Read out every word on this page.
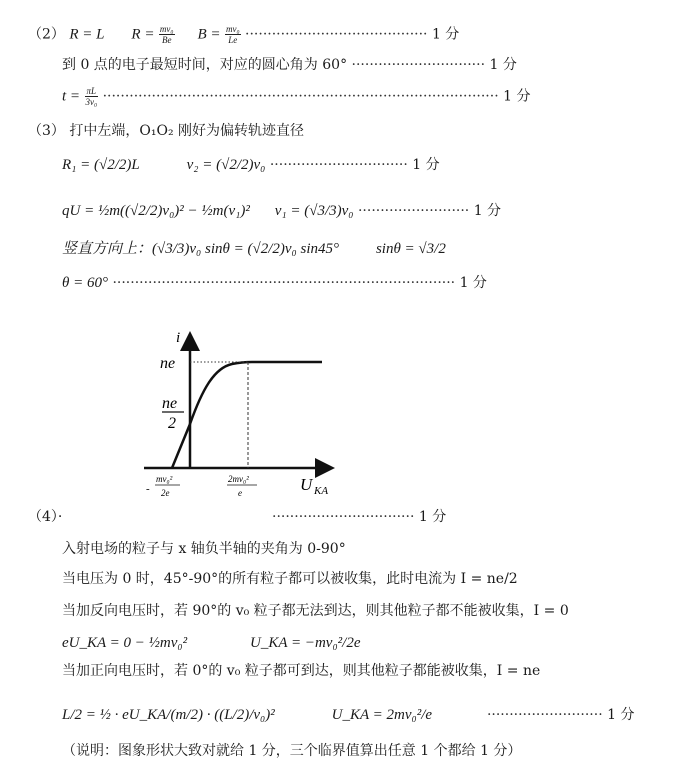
（2） R = L $R = \frac{\text{mv₀}}{Be}$ $B = \frac{\text{mv₀}}{Le}$ ········································· 1 分
到 0 点的电子最短时间，对应的圆心角为 60° ······························ 1 分
$t = \frac{\pi L}{\text{3v₀}}$ ························································································· 1 分
（3） 打中左端，O₁O₂ 刚好为偏转轨迹直径
R₁ = (√2/2)L	v₂ = (√2/2)v₀ ······························· 1 分
qU = ½m((√2/2)v₀)² − ½m(v₁)² v₁ = (√3/3)v₀ ························· 1 分
竖直方向上：(√3/3)v₀ sinθ = (√2/2)v₀ sin45° sinθ = √3/2
θ = 60° ············································································· 1 分
i
ne
ne
2
-
mv₀²
2e
2mv₀²
e	U KA
（4）·	································ 1 分
入射电场的粒子与 x 轴负半轴的夹角为 0-90°
当电压为 0 时，45°-90°的所有粒子都可以被收集，此时电流为 I = ne/2
当加反向电压时，若 90°的 v₀ 粒子都无法到达，则其他粒子都不能被收集，I = 0
eU_KA = 0 − ½mv₀²	U_KA = −mv₀²/2e
当加正向电压时，若 0°的 v₀ 粒子都可到达，则其他粒子都能被收集，I = ne
L/2 = ½ · eU_KA/(m/2) · ((L/2)/v₀)²	U_KA = 2mv₀²/e	·························· 1 分
（说明：图象形状大致对就给 1 分，三个临界值算出任意 1 个都给 1 分）
